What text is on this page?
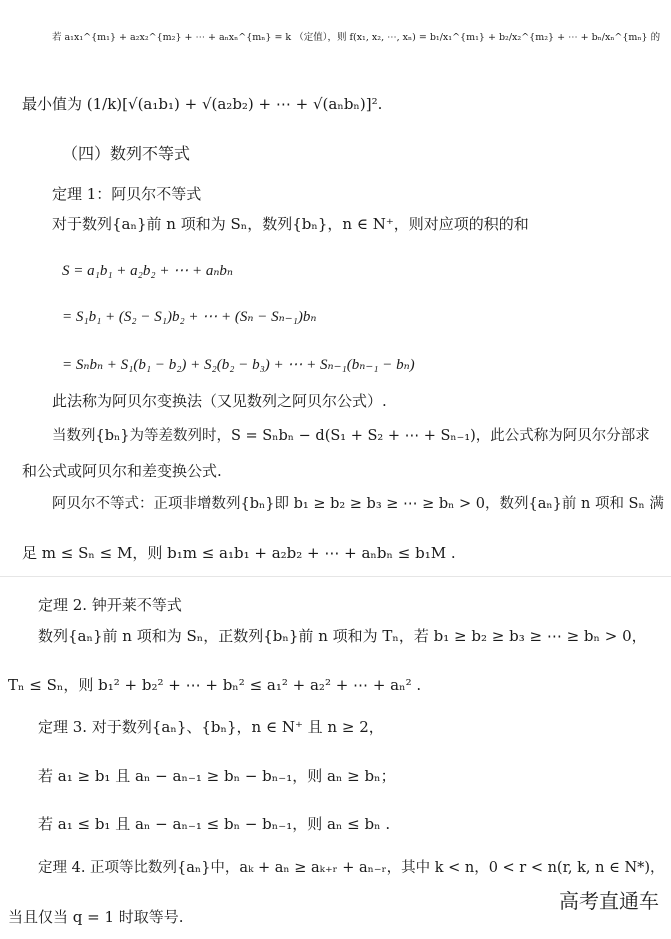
若 a₁x₁^{m₁} + a₂x₂^{m₂} + ⋯ + aₙxₙ^{mₙ} = k （定值），则 f(x₁, x₂, ⋯, xₙ) = b₁/x₁^{m₁} + b₂/x₂^{m₂} + ⋯ + bₙ/xₙ^{mₙ} 的
最小值为 (1/k)[√(a₁b₁) + √(a₂b₂) + ⋯ + √(aₙbₙ)]².
（四）数列不等式
定理 1：阿贝尔不等式
对于数列{aₙ}前 n 项和为 Sₙ，数列{bₙ}，n ∈ N⁺，则对应项的积的和
S = a₁b₁ + a₂b₂ + ⋯ + aₙbₙ
= S₁b₁ + (S₂ − S₁)b₂ + ⋯ + (Sₙ − Sₙ₋₁)bₙ
= Sₙbₙ + S₁(b₁ − b₂) + S₂(b₂ − b₃) + ⋯ + Sₙ₋₁(bₙ₋₁ − bₙ)
此法称为阿贝尔变换法（又见数列之阿贝尔公式）.
当数列{bₙ}为等差数列时，S = Sₙbₙ − d(S₁ + S₂ + ⋯ + Sₙ₋₁)，此公式称为阿贝尔分部求
和公式或阿贝尔和差变换公式.
阿贝尔不等式：正项非增数列{bₙ}即 b₁ ≥ b₂ ≥ b₃ ≥ ⋯ ≥ bₙ > 0，数列{aₙ}前 n 项和 Sₙ 满
足 m ≤ Sₙ ≤ M，则 b₁m ≤ a₁b₁ + a₂b₂ + ⋯ + aₙbₙ ≤ b₁M .
定理 2. 钟开莱不等式
数列{aₙ}前 n 项和为 Sₙ，正数列{bₙ}前 n 项和为 Tₙ，若 b₁ ≥ b₂ ≥ b₃ ≥ ⋯ ≥ bₙ > 0，
Tₙ ≤ Sₙ，则 b₁² + b₂² + ⋯ + bₙ² ≤ a₁² + a₂² + ⋯ + aₙ² .
定理 3. 对于数列{aₙ}、{bₙ}，n ∈ N⁺ 且 n ≥ 2，
若 a₁ ≥ b₁ 且 aₙ − aₙ₋₁ ≥ bₙ − bₙ₋₁，则 aₙ ≥ bₙ；
若 a₁ ≤ b₁ 且 aₙ − aₙ₋₁ ≤ bₙ − bₙ₋₁，则 aₙ ≤ bₙ .
定理 4. 正项等比数列{aₙ}中，aₖ + aₙ ≥ aₖ₊ᵣ + aₙ₋ᵣ，其中 k < n，0 < r < n(r, k, n ∈ N*)，
当且仅当 q = 1 时取等号.
高考直通车
